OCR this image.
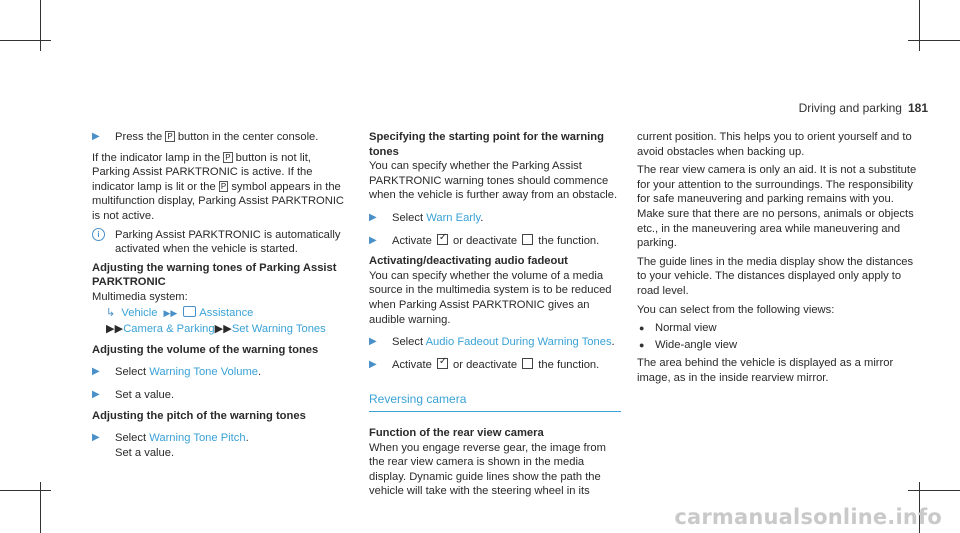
Driving and parking 181
▶ Press the P button in the center console.

If the indicator lamp in the P button is not lit, Parking Assist PARKTRONIC is active. If the indicator lamp is lit or the P symbol appears in the multifunction display, Parking Assist PARKTRONIC is not active.

i	Parking Assist PARKTRONIC is automatically activated when the vehicle is started.

Adjusting the warning tones of Parking Assist PARKTRONIC

Multimedia system:

↳ Vehicle ▶▶ Assistance
▶▶Camera & Parking▶▶Set Warning Tones

Adjusting the volume of the warning tones

▶ Select Warning Tone Volume.
▶ Set a value.

Adjusting the pitch of the warning tones

▶ Select Warning Tone Pitch.
Set a value.

Specifying the starting point for the warning tones

You can specify whether the Parking Assist PARKTRONIC warning tones should commence when the vehicle is further away from an obstacle.

▶ Select Warn Early.
▶ Activate ✓ or deactivate the function.

Activating/deactivating audio fadeout

You can specify whether the volume of a media source in the multimedia system is to be reduced when Parking Assist PARKTRONIC gives an audible warning.

▶ Select Audio Fadeout During Warning Tones.
▶ Activate ✓ or deactivate the function.
Reversing camera

Function of the rear view camera

When you engage reverse gear, the image from the rear view camera is shown in the media display. Dynamic guide lines show the path the vehicle will take with the steering wheel in its

current position. This helps you to orient yourself and to avoid obstacles when backing up.

The rear view camera is only an aid. It is not a substitute for your attention to the surroundings. The responsibility for safe maneuvering and parking remains with you. Make sure that there are no persons, animals or objects etc., in the maneuvering area while maneuvering and parking.

The guide lines in the media display show the distances to your vehicle. The distances displayed only apply to road level.

You can select from the following views:

● Normal view
● Wide-angle view

The area behind the vehicle is displayed as a mirror image, as in the inside rearview mirror.

carmanualsonline.info
